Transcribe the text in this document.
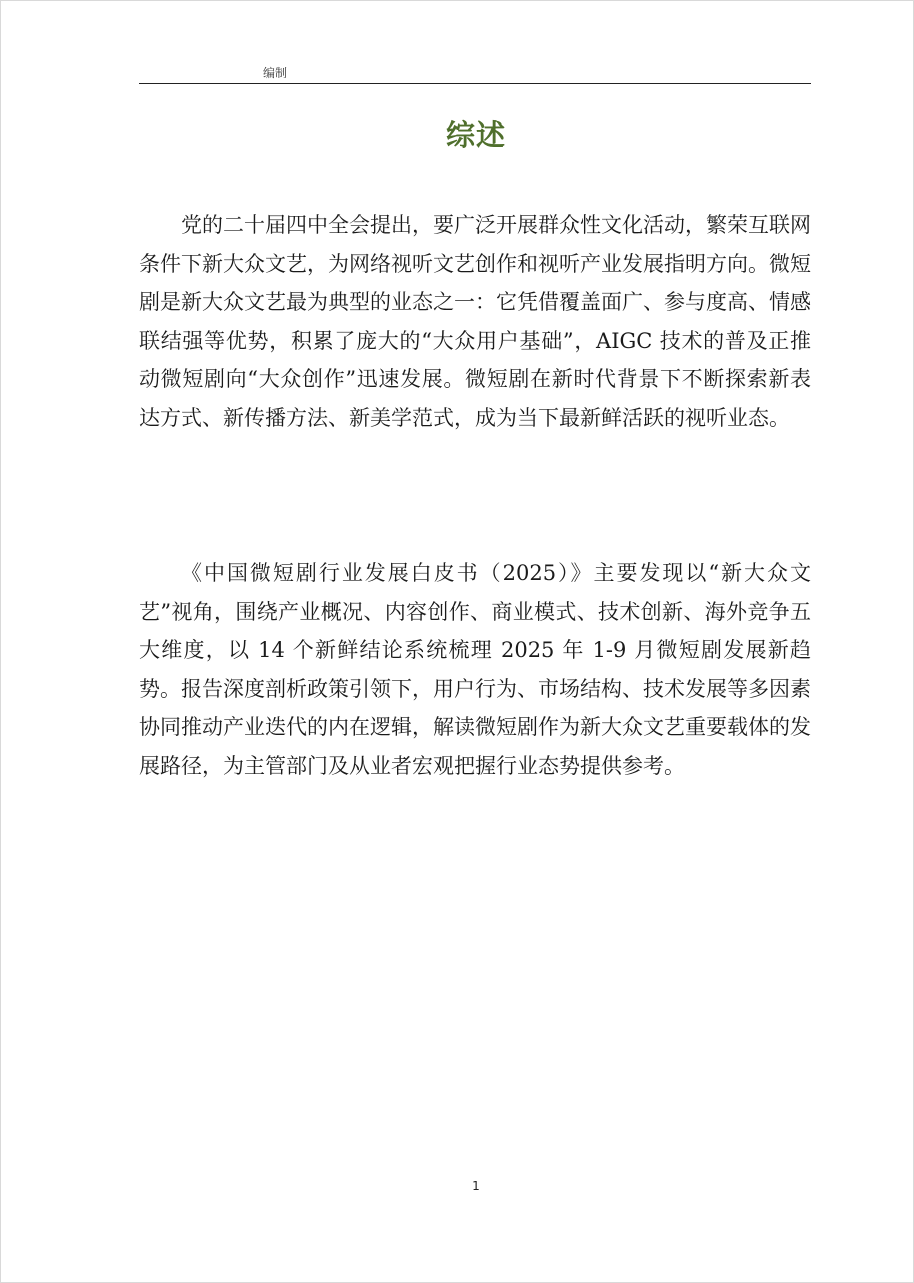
编制
综述

党的二十届四中全会提出，要广泛开展群众性文化活动，繁荣互联网条件下新大众文艺，为网络视听文艺创作和视听产业发展指明方向。微短剧是新大众文艺最为典型的业态之一：它凭借覆盖面广、参与度高、情感联结强等优势，积累了庞大的“大众用户基础”，AIGC 技术的普及正推动微短剧向“大众创作”迅速发展。微短剧在新时代背景下不断探索新表达方式、新传播方法、新美学范式，成为当下最新鲜活跃的视听业态。

《中国微短剧行业发展白皮书（2025）》主要发现以“新大众文艺”视角，围绕产业概况、内容创作、商业模式、技术创新、海外竞争五大维度，以 14 个新鲜结论系统梳理 2025 年 1-9 月微短剧发展新趋势。报告深度剖析政策引领下，用户行为、市场结构、技术发展等多因素协同推动产业迭代的内在逻辑，解读微短剧作为新大众文艺重要载体的发展路径，为主管部门及从业者宏观把握行业态势提供参考。

1
